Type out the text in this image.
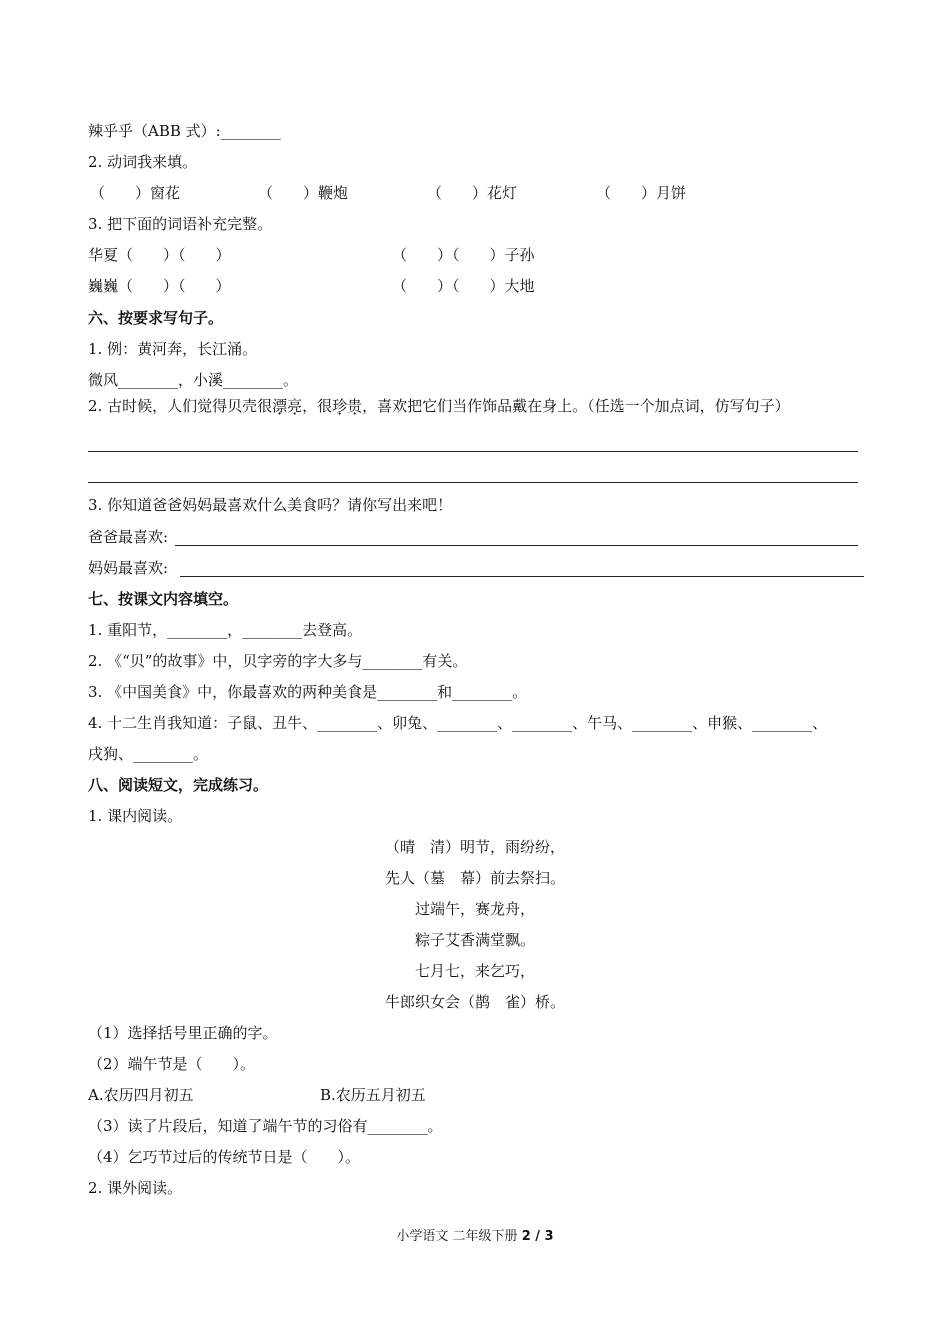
辣乎乎（ABB 式）:________
2. 动词我来填。
（　　）窗花	（　　）鞭炮	（　　）花灯	（　　）月饼
3. 把下面的词语补充完整。
华夏（　　）（　　）	（　　）（　　）子孙
巍巍（　　）（　　）	（　　）（　　）大地
六、按要求写句子。
1. 例：黄河奔，长江涌。
微风________，小溪________。
2. 古时候，人们觉得贝壳很漂亮，很珍贵，喜欢把它们当作饰品戴在身上。（任选一个加点词，仿写句子）
3. 你知道爸爸妈妈最喜欢什么美食吗？请你写出来吧！
爸爸最喜欢:
妈妈最喜欢:
七、按课文内容填空。
1. 重阳节，________，________去登高。
2. 《“贝”的故事》中，贝字旁的字大多与________有关。
3. 《中国美食》中，你最喜欢的两种美食是________和________。
4. 十二生肖我知道：子鼠、丑牛、________、卯兔、________、________、午马、________、申猴、________、
戌狗、________。
八、阅读短文，完成练习。
1. 课内阅读。
（晴　清）明节，雨纷纷，
先人（墓　幕）前去祭扫。
过端午，赛龙舟，
粽子艾香满堂飘。
七月七，来乞巧，
牛郎织女会（鹊　雀）桥。
（1）选择括号里正确的字。
（2）端午节是（　　）。
A.农历四月初五	B.农历五月初五
（3）读了片段后，知道了端午节的习俗有________。
（4）乞巧节过后的传统节日是（　　）。
2. 课外阅读。
小学语文 二年级下册 2 / 3
